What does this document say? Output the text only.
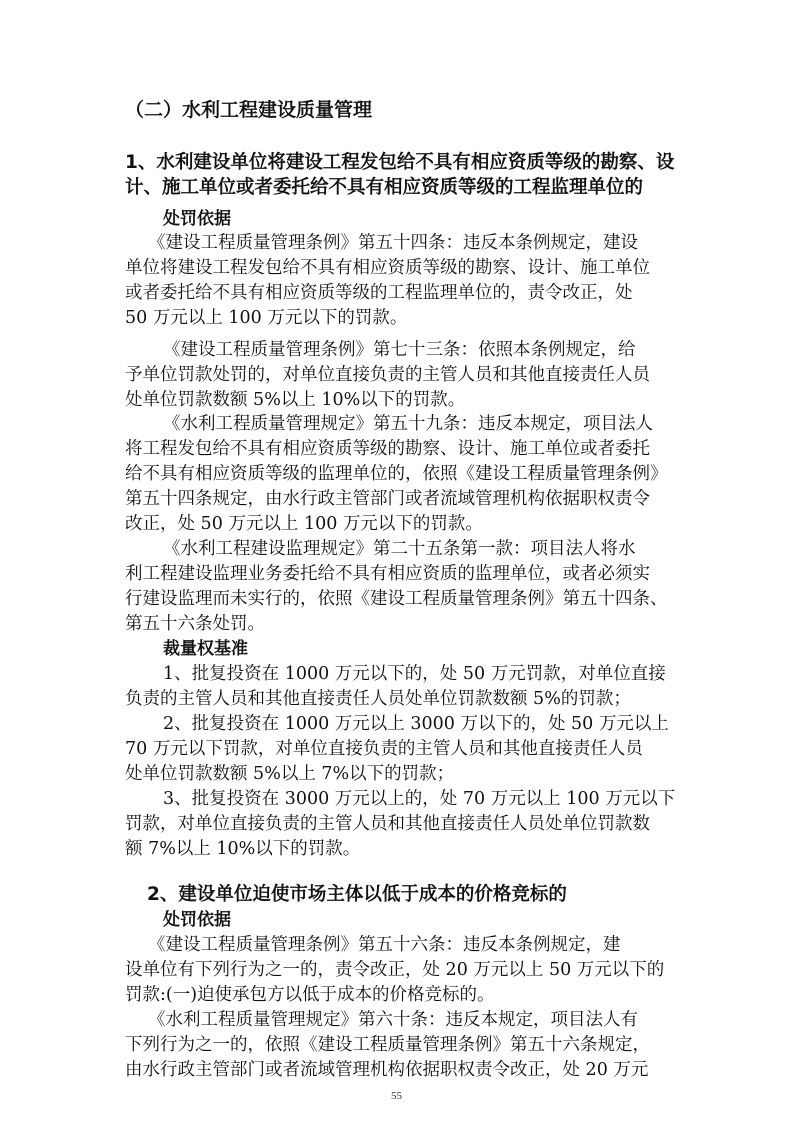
（二）水利工程建设质量管理
1、水利建设单位将建设工程发包给不具有相应资质等级的勘察、设
计、施工单位或者委托给不具有相应资质等级的工程监理单位的
处罚依据
《建设工程质量管理条例》第五十四条：违反本条例规定，建设
单位将建设工程发包给不具有相应资质等级的勘察、设计、施工单位
或者委托给不具有相应资质等级的工程监理单位的，责令改正，处
50 万元以上 100 万元以下的罚款。
《建设工程质量管理条例》第七十三条：依照本条例规定，给
予单位罚款处罚的，对单位直接负责的主管人员和其他直接责任人员
处单位罚款数额 5%以上 10%以下的罚款。
《水利工程质量管理规定》第五十九条：违反本规定，项目法人
将工程发包给不具有相应资质等级的勘察、设计、施工单位或者委托
给不具有相应资质等级的监理单位的，依照《建设工程质量管理条例》
第五十四条规定，由水行政主管部门或者流域管理机构依据职权责令
改正，处 50 万元以上 100 万元以下的罚款。
《水利工程建设监理规定》第二十五条第一款：项目法人将水
利工程建设监理业务委托给不具有相应资质的监理单位，或者必须实
行建设监理而未实行的，依照《建设工程质量管理条例》第五十四条、
第五十六条处罚。
裁量权基准
1、批复投资在 1000 万元以下的，处 50 万元罚款，对单位直接
负责的主管人员和其他直接责任人员处单位罚款数额 5%的罚款；
2、批复投资在 1000 万元以上 3000 万以下的，处 50 万元以上
70 万元以下罚款，对单位直接负责的主管人员和其他直接责任人员
处单位罚款数额 5%以上 7%以下的罚款；
3、批复投资在 3000 万元以上的，处 70 万元以上 100 万元以下
罚款，对单位直接负责的主管人员和其他直接责任人员处单位罚款数
额 7%以上 10%以下的罚款。
2、建设单位迫使市场主体以低于成本的价格竞标的
处罚依据
《建设工程质量管理条例》第五十六条：违反本条例规定，建
设单位有下列行为之一的，责令改正，处 20 万元以上 50 万元以下的
罚款:(一)迫使承包方以低于成本的价格竞标的。
《水利工程质量管理规定》第六十条：违反本规定，项目法人有
下列行为之一的，依照《建设工程质量管理条例》第五十六条规定，
由水行政主管部门或者流域管理机构依据职权责令改正，处 20 万元
55
